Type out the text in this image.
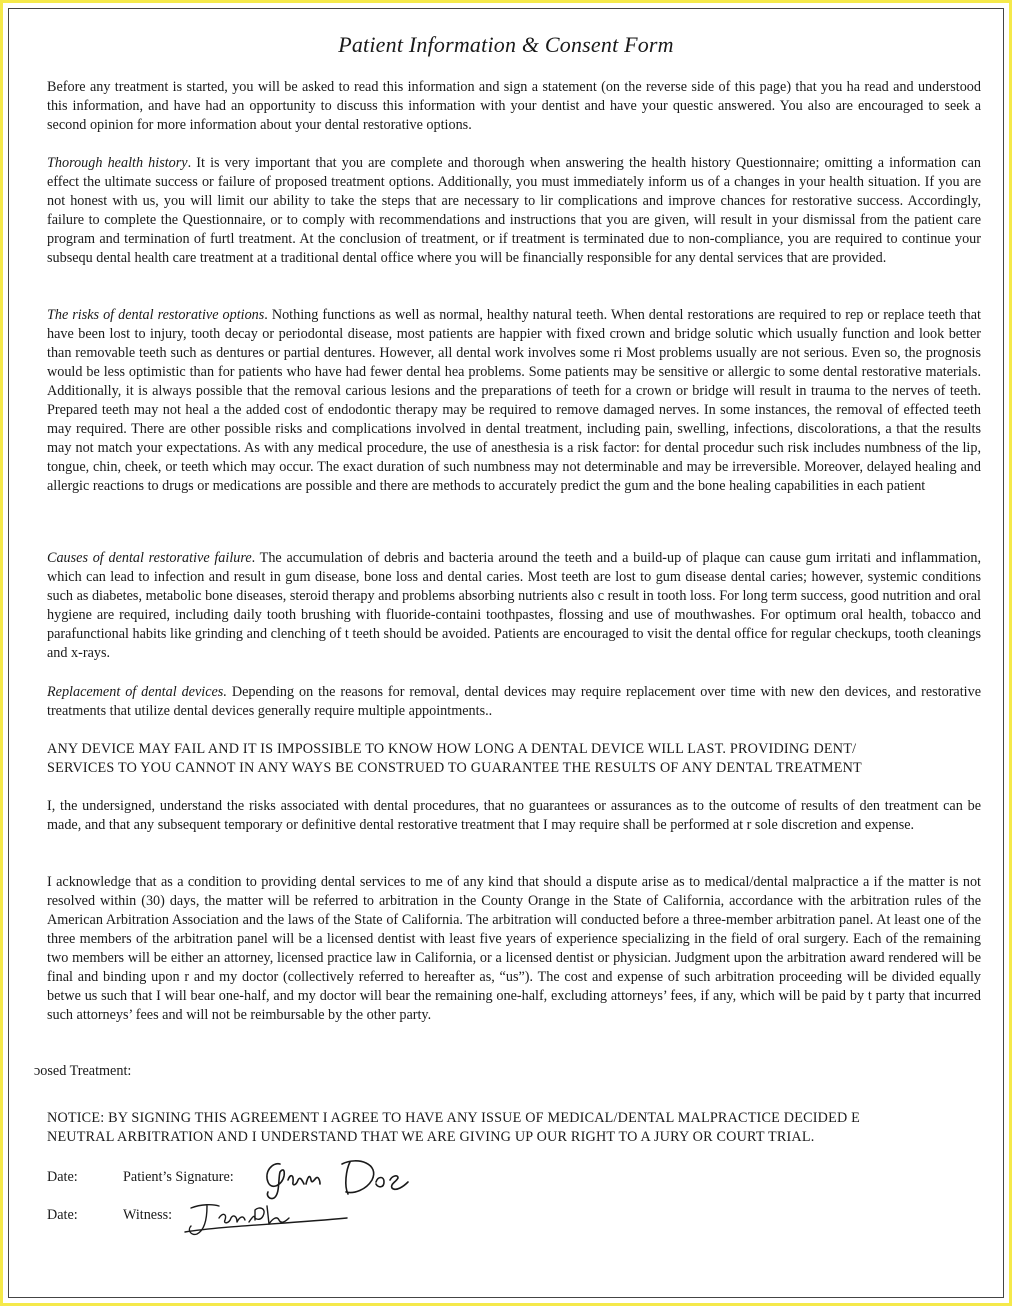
Patient Information & Consent Form

Before any treatment is started, you will be asked to read this information and sign a statement (on the reverse side of this page) that you ha read and understood this information, and have had an opportunity to discuss this information with your dentist and have your questic answered. You also are encouraged to seek a second opinion for more information about your dental restorative options.

Thorough health history. It is very important that you are complete and thorough when answering the health history Questionnaire; omitting a information can effect the ultimate success or failure of proposed treatment options. Additionally, you must immediately inform us of a changes in your health situation. If you are not honest with us, you will limit our ability to take the steps that are necessary to lir complications and improve chances for restorative success. Accordingly, failure to complete the Questionnaire, or to comply with recommendations and instructions that you are given, will result in your dismissal from the patient care program and termination of furtl treatment. At the conclusion of treatment, or if treatment is terminated due to non-compliance, you are required to continue your subsequ dental health care treatment at a traditional dental office where you will be financially responsible for any dental services that are provided.

The risks of dental restorative options. Nothing functions as well as normal, healthy natural teeth. When dental restorations are required to rep or replace teeth that have been lost to injury, tooth decay or periodontal disease, most patients are happier with fixed crown and bridge solutic which usually function and look better than removable teeth such as dentures or partial dentures. However, all dental work involves some ri Most problems usually are not serious. Even so, the prognosis would be less optimistic than for patients who have had fewer dental hea problems. Some patients may be sensitive or allergic to some dental restorative materials. Additionally, it is always possible that the removal carious lesions and the preparations of teeth for a crown or bridge will result in trauma to the nerves of teeth. Prepared teeth may not heal a the added cost of endodontic therapy may be required to remove damaged nerves. In some instances, the removal of effected teeth may required. There are other possible risks and complications involved in dental treatment, including pain, swelling, infections, discolorations, a that the results may not match your expectations. As with any medical procedure, the use of anesthesia is a risk factor: for dental procedur such risk includes numbness of the lip, tongue, chin, cheek, or teeth which may occur. The exact duration of such numbness may not determinable and may be irreversible. Moreover, delayed healing and allergic reactions to drugs or medications are possible and there are methods to accurately predict the gum and the bone healing capabilities in each patient

Causes of dental restorative failure. The accumulation of debris and bacteria around the teeth and a build-up of plaque can cause gum irritati and inflammation, which can lead to infection and result in gum disease, bone loss and dental caries. Most teeth are lost to gum disease dental caries; however, systemic conditions such as diabetes, metabolic bone diseases, steroid therapy and problems absorbing nutrients also c result in tooth loss. For long term success, good nutrition and oral hygiene are required, including daily tooth brushing with fluoride-containi toothpastes, flossing and use of mouthwashes. For optimum oral health, tobacco and parafunctional habits like grinding and clenching of t teeth should be avoided. Patients are encouraged to visit the dental office for regular checkups, tooth cleanings and x-rays.

Replacement of dental devices. Depending on the reasons for removal, dental devices may require replacement over time with new den devices, and restorative treatments that utilize dental devices generally require multiple appointments..

ANY DEVICE MAY FAIL AND IT IS IMPOSSIBLE TO KNOW HOW LONG A DENTAL DEVICE WILL LAST. PROVIDING DENT/
SERVICES TO YOU CANNOT IN ANY WAYS BE CONSTRUED TO GUARANTEE THE RESULTS OF ANY DENTAL TREATMENT

I, the undersigned, understand the risks associated with dental procedures, that no guarantees or assurances as to the outcome of results of den treatment can be made, and that any subsequent temporary or definitive dental restorative treatment that I may require shall be performed at r sole discretion and expense.

I acknowledge that as a condition to providing dental services to me of any kind that should a dispute arise as to medical/dental malpractice a if the matter is not resolved within (30) days, the matter will be referred to arbitration in the County Orange in the State of California, accordance with the arbitration rules of the American Arbitration Association and the laws of the State of California. The arbitration will conducted before a three-member arbitration panel. At least one of the three members of the arbitration panel will be a licensed dentist with least five years of experience specializing in the field of oral surgery. Each of the remaining two members will be either an attorney, licensed practice law in California, or a licensed dentist or physician. Judgment upon the arbitration award rendered will be final and binding upon r and my doctor (collectively referred to hereafter as, “us”). The cost and expense of such arbitration proceeding will be divided equally betwe us such that I will bear one-half, and my doctor will bear the remaining one-half, excluding attorneys’ fees, if any, which will be paid by t party that incurred such attorneys’ fees and will not be reimbursable by the other party.

ɔosed Treatment:
NOTICE: BY SIGNING THIS AGREEMENT I AGREE TO HAVE ANY ISSUE OF MEDICAL/DENTAL MALPRACTICE DECIDED E
NEUTRAL ARBITRATION AND I UNDERSTAND THAT WE ARE GIVING UP OUR RIGHT TO A JURY OR COURT TRIAL.
Date:	Patient’s Signature:
Date:	Witness:
